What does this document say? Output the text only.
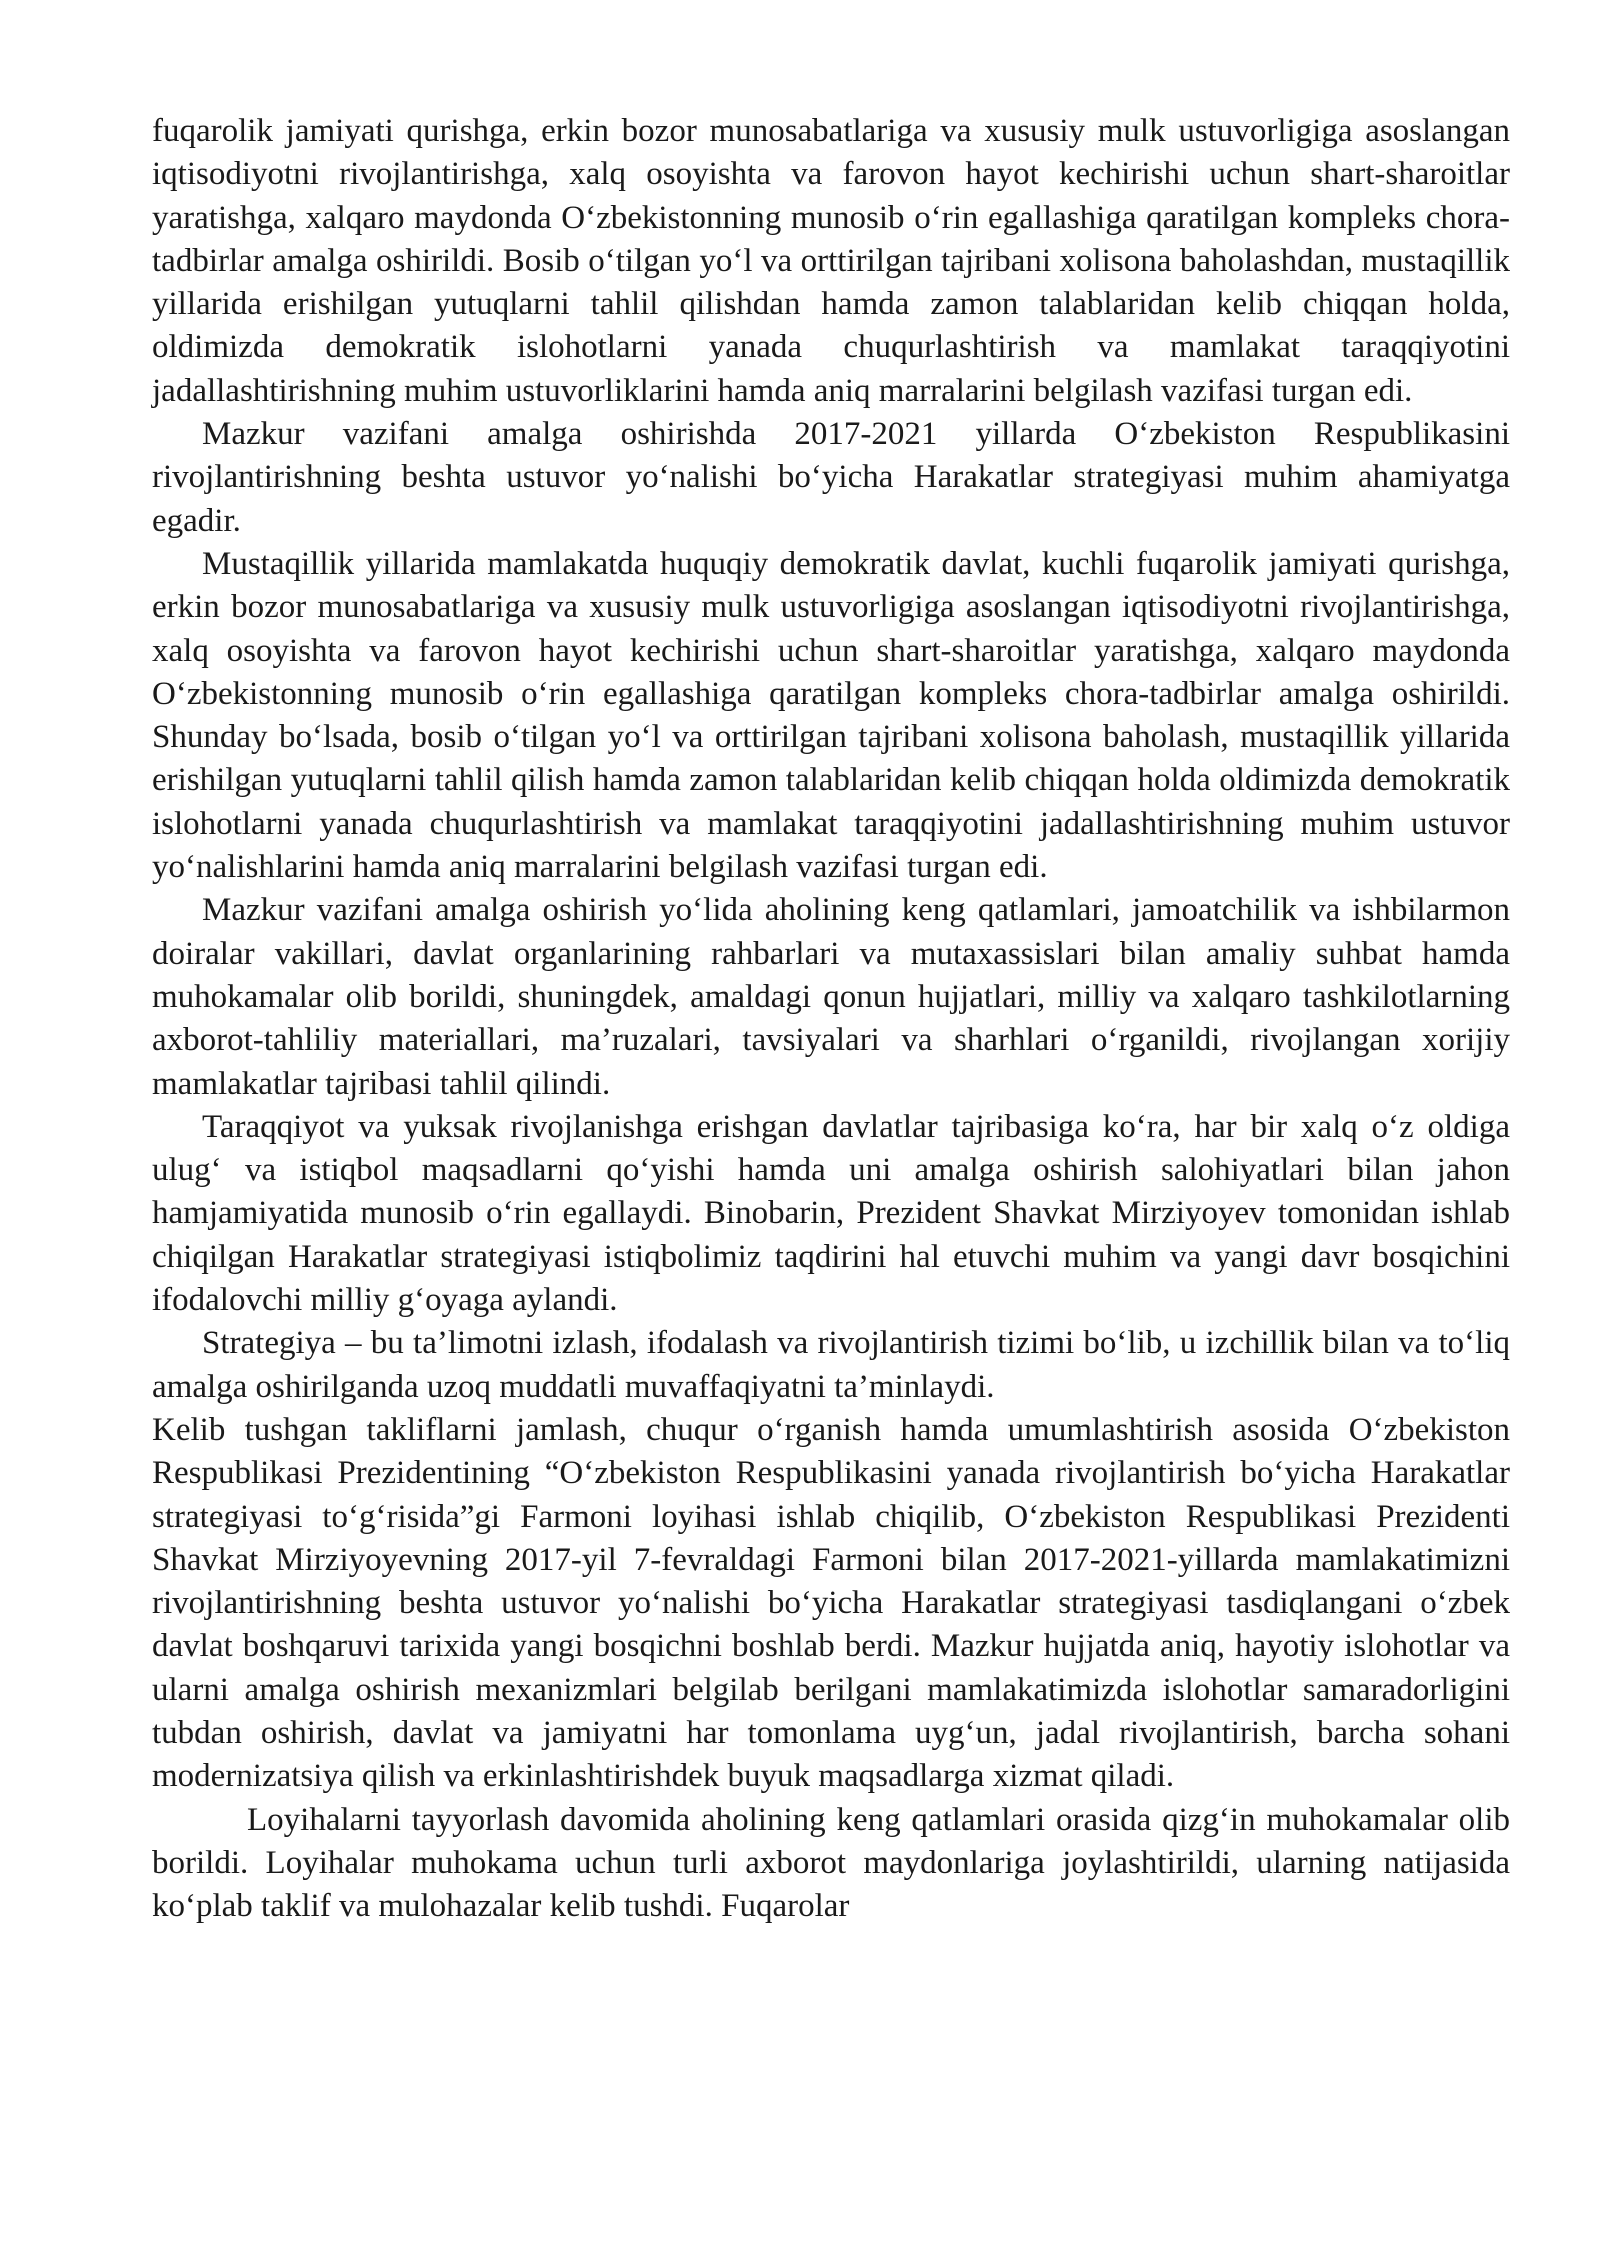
fuqarolik jamiyati qurishga, erkin bozor munosabatlariga va xususiy mulk ustuvorligiga asoslangan iqtisodiyotni rivojlantirishga, xalq osoyishta va farovon hayot kechirishi uchun shart-sharoitlar yaratishga, xalqaro maydonda O‘zbekistonning munosib o‘rin egallashiga qaratilgan kompleks chora-tadbirlar amalga oshirildi. Bosib o‘tilgan yo‘l va orttirilgan tajribani xolisona baholashdan, mustaqillik yillarida erishilgan yutuqlarni tahlil qilishdan hamda zamon talablaridan kelib chiqqan holda, oldimizda demokratik islohotlarni yanada chuqurlashtirish va mamlakat taraqqiyotini jadallashtirishning muhim ustuvorliklarini hamda aniq marralarini belgilash vazifasi turgan edi.

Mazkur vazifani amalga oshirishda 2017-2021 yillarda O‘zbekiston Respublikasini rivojlantirishning beshta ustuvor yo‘nalishi bo‘yicha Harakatlar strategiyasi muhim ahamiyatga egadir.

Mustaqillik yillarida mamlakatda huquqiy demokratik davlat, kuchli fuqarolik jamiyati qurishga, erkin bozor munosabatlariga va xususiy mulk ustuvorligiga asoslangan iqtisodiyotni rivojlantirishga, xalq osoyishta va farovon hayot kechirishi uchun shart-sharoitlar yaratishga, xalqaro maydonda O‘zbekistonning munosib o‘rin egallashiga qaratilgan kompleks chora-tadbirlar amalga oshirildi. Shunday bo‘lsada, bosib o‘tilgan yo‘l va orttirilgan tajribani xolisona baholash, mustaqillik yillarida erishilgan yutuqlarni tahlil qilish hamda zamon talablaridan kelib chiqqan holda oldimizda demokratik islohotlarni yanada chuqurlashtirish va mamlakat taraqqiyotini jadallashtirishning muhim ustuvor yo‘nalishlarini hamda aniq marralarini belgilash vazifasi turgan edi.

Mazkur vazifani amalga oshirish yo‘lida aholining keng qatlamlari, jamoatchilik va ishbilarmon doiralar vakillari, davlat organlarining rahbarlari va mutaxassislari bilan amaliy suhbat hamda muhokamalar olib borildi, shuningdek, amaldagi qonun hujjatlari, milliy va xalqaro tashkilotlarning axborot-tahliliy materiallari, ma’ruzalari, tavsiyalari va sharhlari o‘rganildi, rivojlangan xorijiy mamlakatlar tajribasi tahlil qilindi.

Taraqqiyot va yuksak rivojlanishga erishgan davlatlar tajribasiga ko‘ra, har bir xalq o‘z oldiga ulug‘ va istiqbol maqsadlarni qo‘yishi hamda uni amalga oshirish salohiyatlari bilan jahon hamjamiyatida munosib o‘rin egallaydi. Binobarin, Prezident Shavkat Mirziyoyev tomonidan ishlab chiqilgan Harakatlar strategiyasi istiqbolimiz taqdirini hal etuvchi muhim va yangi davr bosqichini ifodalovchi milliy g‘oyaga aylandi.

Strategiya – bu ta’limotni izlash, ifodalash va rivojlantirish tizimi bo‘lib, u izchillik bilan va to‘liq amalga oshirilganda uzoq muddatli muvaffaqiyatni ta’minlaydi.

Kelib tushgan takliflarni jamlash, chuqur o‘rganish hamda umumlashtirish asosida O‘zbekiston Respublikasi Prezidentining “O‘zbekiston Respublikasini yanada rivojlantirish bo‘yicha Harakatlar strategiyasi to‘g‘risida”gi Farmoni loyihasi ishlab chiqilib, O‘zbekiston Respublikasi Prezidenti Shavkat Mirziyoyevning 2017-yil 7-fevraldagi Farmoni bilan 2017-2021-yillarda mamlakatimizni rivojlantirishning beshta ustuvor yo‘nalishi bo‘yicha Harakatlar strategiyasi tasdiqlangani o‘zbek davlat boshqaruvi tarixida yangi bosqichni boshlab berdi. Mazkur hujjatda aniq, hayotiy islohotlar va ularni amalga oshirish mexanizmlari belgilab berilgani mamlakatimizda islohotlar samaradorligini tubdan oshirish, davlat va jamiyatni har tomonlama uyg‘un, jadal rivojlantirish, barcha sohani modernizatsiya qilish va erkinlashtirishdek buyuk maqsadlarga xizmat qiladi.

Loyihalarni tayyorlash davomida aholining keng qatlamlari orasida qizg‘in muhokamalar olib borildi. Loyihalar muhokama uchun turli axborot maydonlariga joylashtirildi, ularning natijasida ko‘plab taklif va mulohazalar kelib tushdi. Fuqarolar
